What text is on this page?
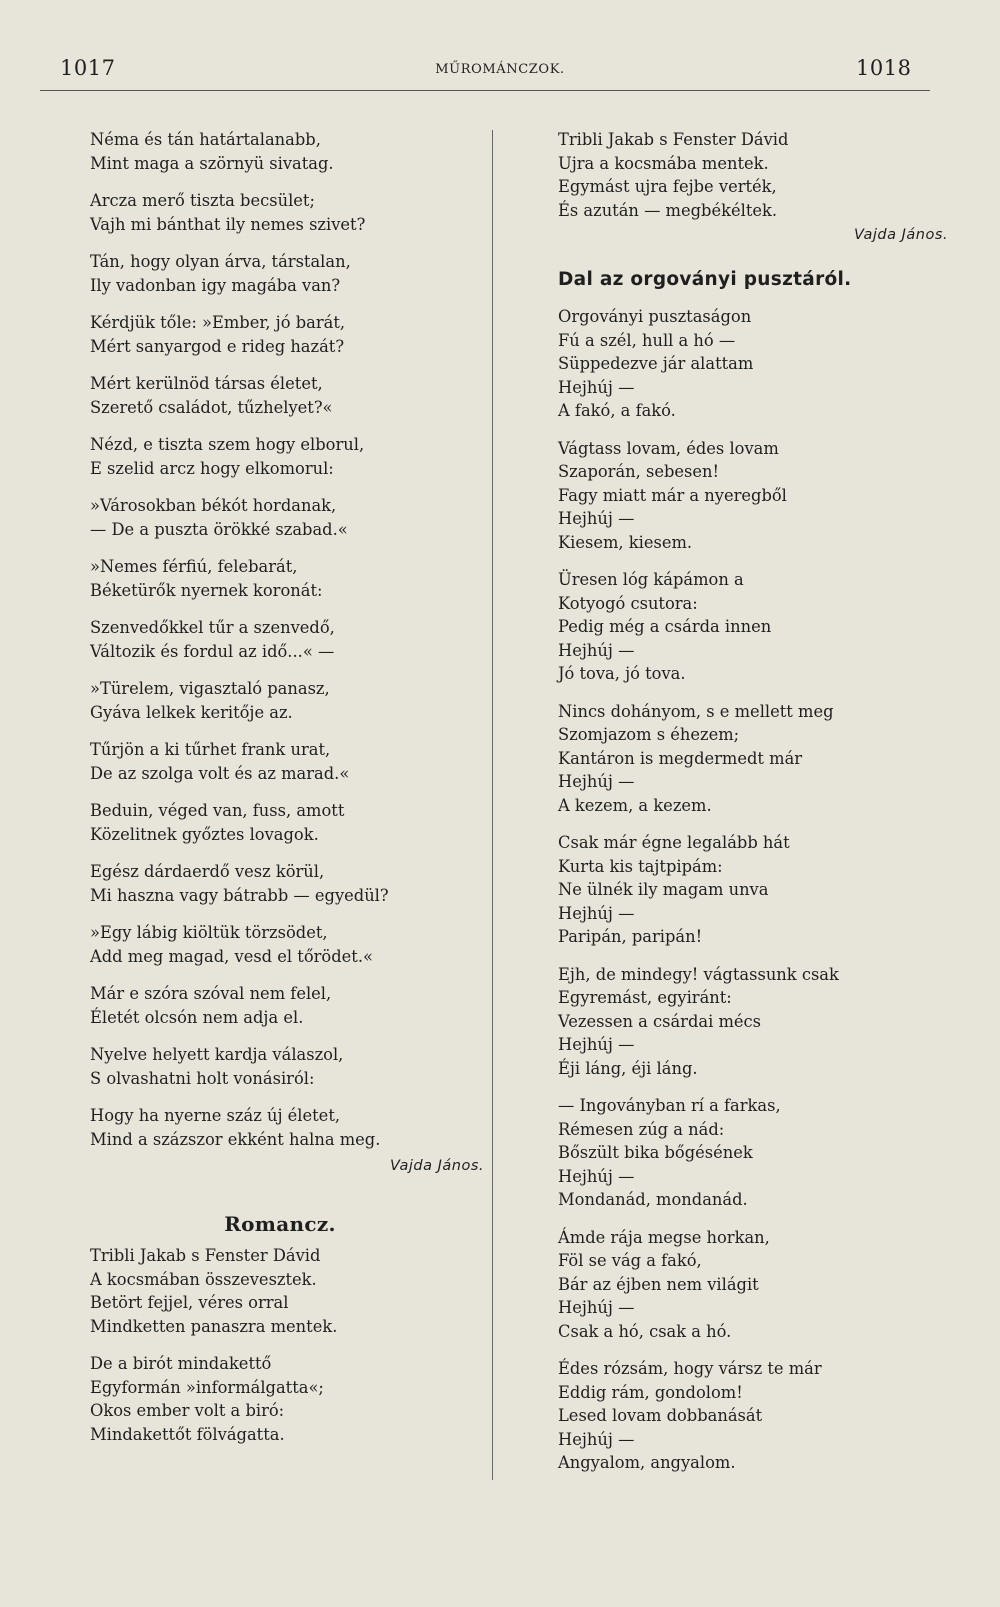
1017	MŰROMÁNCZOK.	1018
Néma és tán határtalanabb,
Mint maga a szörnyü sivatag.
Arcza merő tiszta becsület;
Vajh mi bánthat ily nemes szivet?
Tán, hogy olyan árva, társtalan,
Ily vadonban igy magába van?
Kérdjük tőle: »Ember, jó barát,
Mért sanyargod e rideg hazát?
Mért kerülnöd társas életet,
Szerető családot, tűzhelyet?«
Nézd, e tiszta szem hogy elborul,
E szelid arcz hogy elkomorul:
»Városokban békót hordanak,
— De a puszta örökké szabad.«
»Nemes férfiú, felebarát,
Béketürők nyernek koronát:
Szenvedőkkel tűr a szenvedő,
Változik és fordul az idő...« —
»Türelem, vigasztaló panasz,
Gyáva lelkek keritője az.
Tűrjön a ki tűrhet frank urat,
De az szolga volt és az marad.«
Beduin, véged van, fuss, amott
Közelitnek győztes lovagok.
Egész dárdaerdő vesz körül,
Mi haszna vagy bátrabb — egyedül?
»Egy lábig kiöltük törzsödet,
Add meg magad, vesd el tőrödet.«
Már e szóra szóval nem felel,
Életét olcsón nem adja el.
Nyelve helyett kardja válaszol,
S olvashatni holt vonásiról:
Hogy ha nyerne száz új életet,
Mind a százszor ekként halna meg.
Vajda János.
Romancz.
Tribli Jakab s Fenster Dávid
A kocsmában összevesztek.
Betört fejjel, véres orral
Mindketten panaszra mentek.
De a birót mindakettő
Egyformán »informálgatta«;
Okos ember volt a biró:
Mindakettőt fölvágatta.
Tribli Jakab s Fenster Dávid
Ujra a kocsmába mentek.
Egymást ujra fejbe verték,
És azután — megbékéltek.
Vajda János.
Dal az orgoványi pusztáról.
Orgoványi pusztaságon
Fú a szél, hull a hó —
Süppedezve jár alattam
Hejhúj —
A fakó, a fakó.
Vágtass lovam, édes lovam
Szaporán, sebesen!
Fagy miatt már a nyeregből
Hejhúj —
Kiesem, kiesem.
Üresen lóg kápámon a
Kotyogó csutora:
Pedig még a csárda innen
Hejhúj —
Jó tova, jó tova.
Nincs dohányom, s e mellett meg
Szomjazom s éhezem;
Kantáron is megdermedt már
Hejhúj —
A kezem, a kezem.
Csak már égne legalább hát
Kurta kis tajtpipám:
Ne ülnék ily magam unva
Hejhúj —
Paripán, paripán!
Ejh, de mindegy! vágtassunk csak
Egyremást, egyiránt:
Vezessen a csárdai mécs
Hejhúj —
Éji láng, éji láng.
— Ingoványban rí a farkas,
Rémesen zúg a nád:
Bőszült bika bőgésének
Hejhúj —
Mondanád, mondanád.
Ámde rája megse horkan,
Föl se vág a fakó,
Bár az éjben nem világit
Hejhúj —
Csak a hó, csak a hó.
Édes rózsám, hogy vársz te már
Eddig rám, gondolom!
Lesed lovam dobbanását
Hejhúj —
Angyalom, angyalom.
